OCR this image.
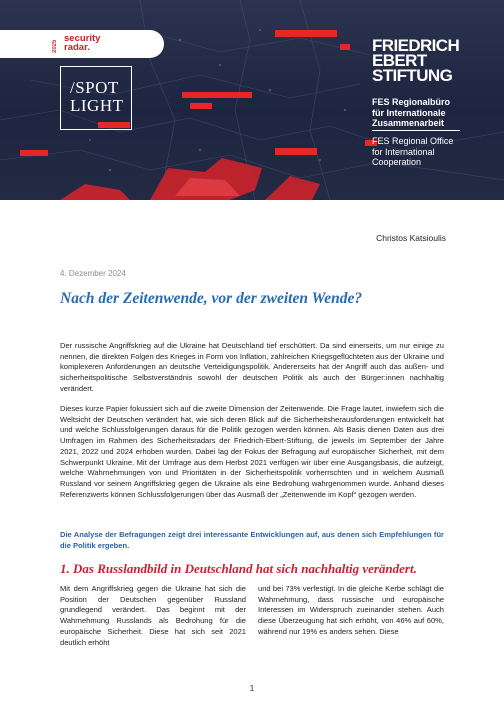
2025
security
radar.
/SPOT
LIGHT
FRIEDRICH
EBERT
STIFTUNG
FES Regionalbüro
für Internationale
Zusammenarbeit
FES Regional Office
for International
Cooperation
Christos Katsioulis
4. Dezember 2024
Nach der Zeitenwende, vor der zweiten Wende?

Der russische Angriffskrieg auf die Ukraine hat Deutschland tief erschüttert. Da sind einerseits, um nur einige zu nennen, die direkten Folgen des Krieges in Form von Inflation, zahlreichen Kriegsgeflüchteten aus der Ukraine und komplexeren Anforderungen an deutsche Verteidigungspolitik. Andererseits hat der Angriff auch das außen- und sicherheitspolitische Selbstverständnis sowohl der deutschen Politik als auch der Bürger:innen nachhaltig verändert.

Dieses kurze Papier fokussiert sich auf die zweite Dimension der Zeitenwende. Die Frage lautet, inwiefern sich die Weltsicht der Deutschen verändert hat, wie sich deren Blick auf die Sicherheitsherausforderungen entwickelt hat und welche Schlussfolgerungen daraus für die Politik gezogen werden können. Als Basis dienen Daten aus drei Umfragen im Rahmen des Sicherheitsradars der Friedrich-Ebert-Stiftung, die jeweils im September der Jahre 2021, 2022 und 2024 erhoben wurden. Dabei lag der Fokus der Befragung auf europäischer Sicherheit, mit dem Schwerpunkt Ukraine. Mit der Umfrage aus dem Herbst 2021 verfügen wir über eine Ausgangsbasis, die aufzeigt, welche Wahrnehmungen von und Prioritäten in der Sicherheitspolitik vorherrschten und in welchem Ausmaß Russland vor seinem Angriffskrieg gegen die Ukraine als eine Bedrohung wahrgenommen wurde. Anhand dieses Referenzwerts können Schlussfolgerungen über das Ausmaß der „Zeitenwende im Kopf“ gezogen werden.

Die Analyse der Befragungen zeigt drei interessante Entwicklungen auf, aus denen sich Empfehlungen für die Politik ergeben.

1. Das Russlandbild in Deutschland hat sich nachhaltig verändert.

Mit dem Angriffskrieg gegen die Ukraine hat sich die Position der Deutschen gegenüber Russland grundlegend verändert. Das beginnt mit der Wahrnehmung Russlands als Bedrohung für die europäische Sicherheit. Diese hat sich seit 2021 deutlich erhöht

und bei 73% verfestigt. In die gleiche Kerbe schlägt die Wahrnehmung, dass russische und europäische Interessen im Widerspruch zueinander stehen. Auch diese Überzeugung hat sich erhöht, von 46% auf 60%, während nur 19% es anders sehen. Diese

1
